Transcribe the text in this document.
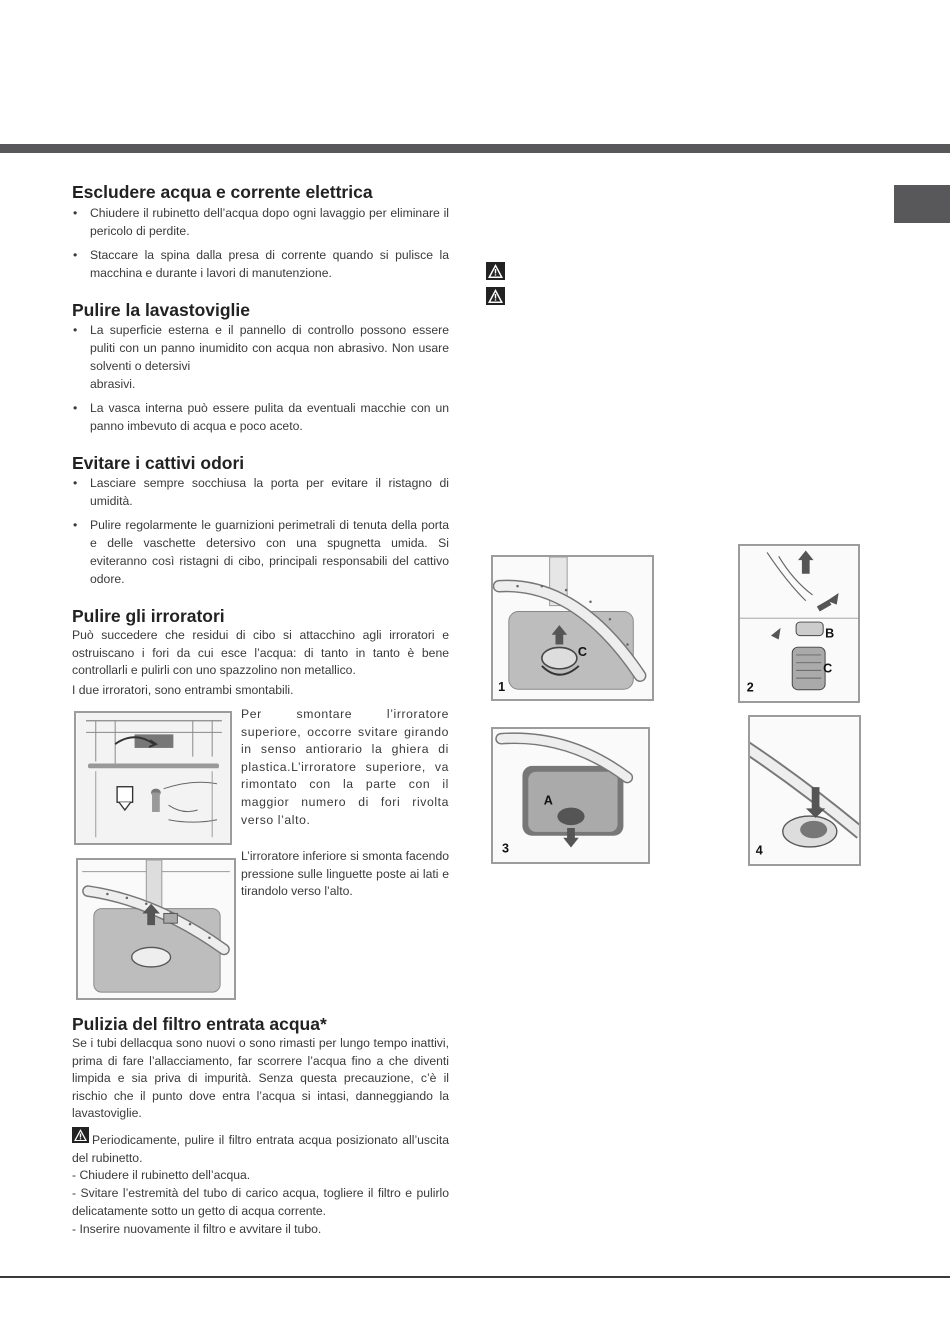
Escludere acqua e corrente elettrica
• Chiudere il rubinetto dell’acqua dopo ogni lavaggio per eliminare il pericolo di perdite.
• Staccare la spina dalla presa di corrente quando si pulisce la macchina e durante i lavori di manutenzione.
Pulire la lavastoviglie
• La superficie esterna e il pannello di controllo possono essere puliti con un panno inumidito con acqua non abrasivo. Non usare solventi o detersivi
abrasivi.
• La vasca interna può essere pulita da eventuali macchie con un panno imbevuto di acqua e poco aceto.
Evitare i cattivi odori
• Lasciare sempre socchiusa la porta per evitare il ristagno di umidità.
• Pulire regolarmente le guarnizioni perimetrali di tenuta della porta e delle vaschette detersivo con una spugnetta umida. Si eviteranno così ristagni di cibo, principali responsabili del cattivo odore.
Pulire gli irroratori

Può succedere che residui di cibo si attacchino agli irroratori e ostruiscano i fori da cui esce l’acqua: di tanto in tanto è bene controllarli e pulirli con uno spazzolino non metallico.

I due irroratori, sono entrambi smontabili.

Per smontare l’irroratore superiore, occorre svitare girando in senso antiorario la ghiera di plastica.L’irroratore superiore, va rimontato con la parte con il maggior numero di fori rivolta verso l’alto.

L’irroratore inferiore si smonta facendo pressione sulle linguette poste ai lati e tirandolo verso l’alto.

Pulizia del filtro entrata acqua*

Se i tubi dellacqua sono nuovi o sono rimasti per lungo tempo inattivi, prima di fare l’allacciamento, far scorrere l’acqua fino a che diventi limpida e sia priva di impurità. Senza questa precauzione, c’è il rischio che il punto dove entra l’acqua si intasi, danneggiando la lavastoviglie.

Periodicamente, pulire il filtro entrata acqua posizionato all’uscita del rubinetto.

- Chiudere il rubinetto dell’acqua.

- Svitare l’estremità del tubo di carico acqua, togliere il filtro e pulirlo delicatamente sotto un getto di acqua corrente.

- Inserire nuovamente il filtro e avvitare il tubo.

C
1
B
C
2
A
3	4
